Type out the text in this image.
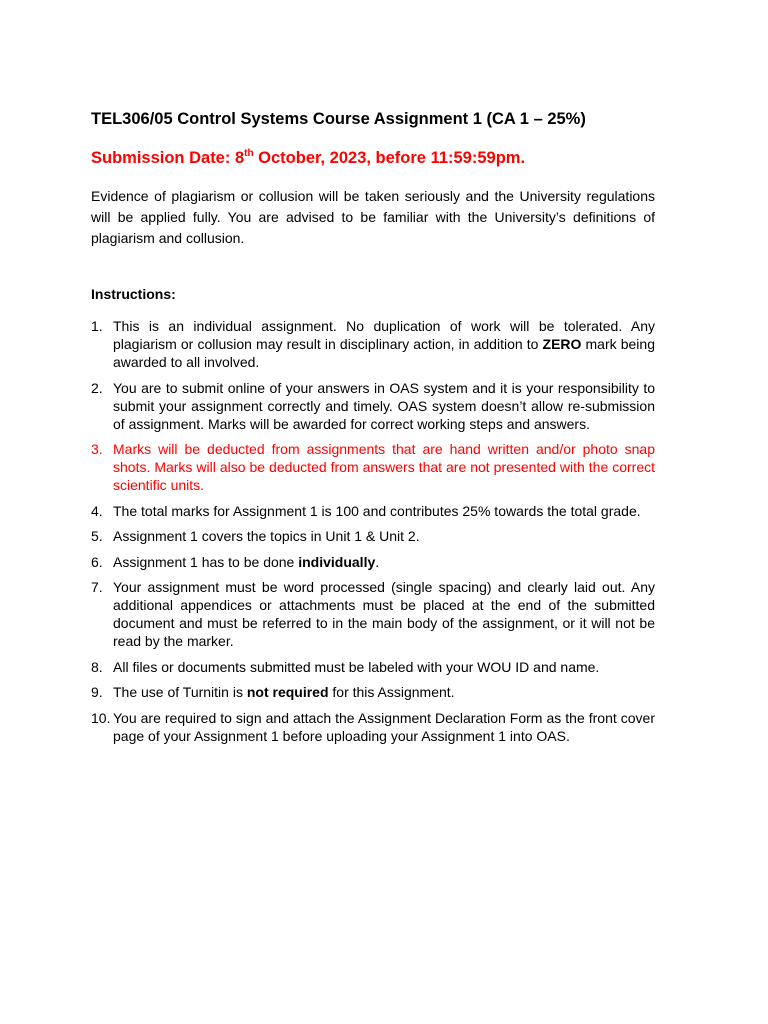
TEL306/05 Control Systems Course Assignment 1 (CA 1 – 25%)

Submission Date: 8th October, 2023, before 11:59:59pm.

Evidence of plagiarism or collusion will be taken seriously and the University regulations will be applied fully. You are advised to be familiar with the University’s definitions of plagiarism and collusion.

Instructions:

1. This is an individual assignment. No duplication of work will be tolerated. Any plagiarism or collusion may result in disciplinary action, in addition to ZERO mark being awarded to all involved.
2. You are to submit online of your answers in OAS system and it is your responsibility to submit your assignment correctly and timely. OAS system doesn’t allow re-submission of assignment. Marks will be awarded for correct working steps and answers.
3. Marks will be deducted from assignments that are hand written and/or photo snap shots. Marks will also be deducted from answers that are not presented with the correct scientific units.
4. The total marks for Assignment 1 is 100 and contributes 25% towards the total grade.
5. Assignment 1 covers the topics in Unit 1 & Unit 2.
6. Assignment 1 has to be done individually.
7. Your assignment must be word processed (single spacing) and clearly laid out. Any additional appendices or attachments must be placed at the end of the submitted document and must be referred to in the main body of the assignment, or it will not be read by the marker.
8. All files or documents submitted must be labeled with your WOU ID and name.
9. The use of Turnitin is not required for this Assignment.
10. You are required to sign and attach the Assignment Declaration Form as the front cover page of your Assignment 1 before uploading your Assignment 1 into OAS.
